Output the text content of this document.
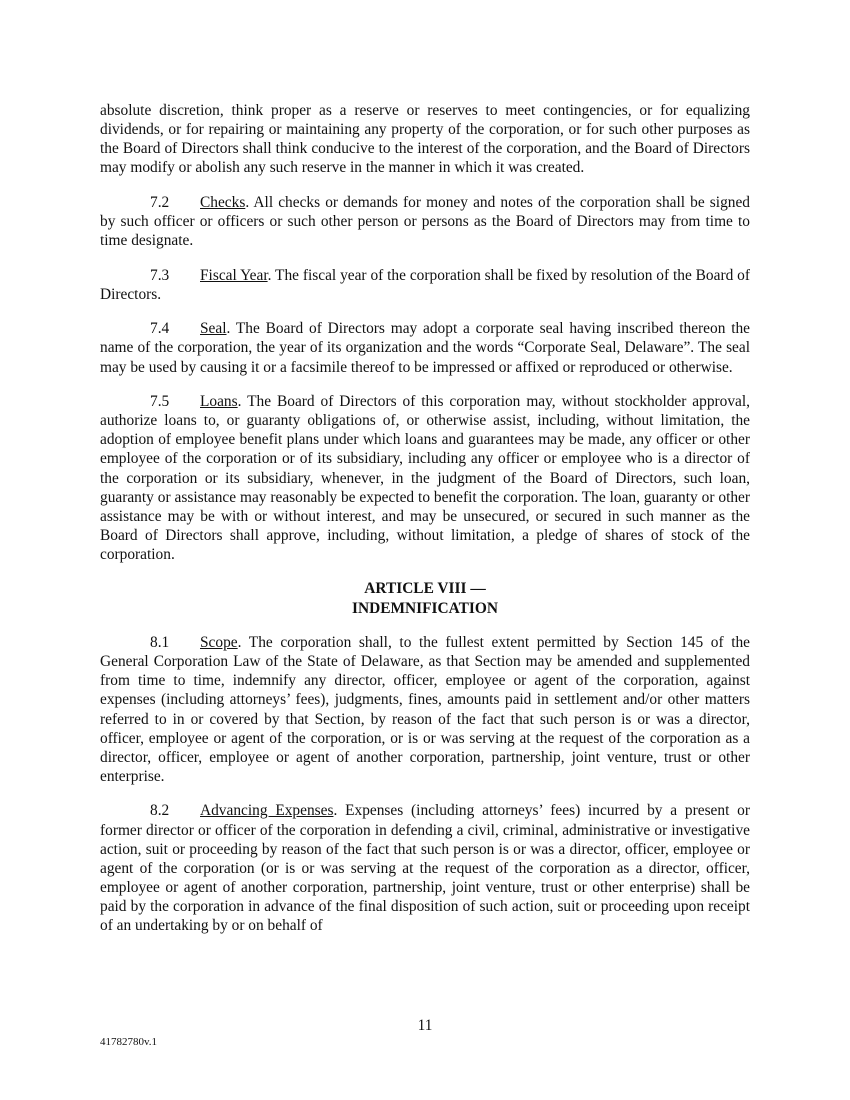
absolute discretion, think proper as a reserve or reserves to meet contingencies, or for equalizing dividends, or for repairing or maintaining any property of the corporation, or for such other purposes as the Board of Directors shall think conducive to the interest of the corporation, and the Board of Directors may modify or abolish any such reserve in the manner in which it was created.

7.2 Checks. All checks or demands for money and notes of the corporation shall be signed by such officer or officers or such other person or persons as the Board of Directors may from time to time designate.

7.3 Fiscal Year. The fiscal year of the corporation shall be fixed by resolution of the Board of Directors.

7.4 Seal. The Board of Directors may adopt a corporate seal having inscribed thereon the name of the corporation, the year of its organization and the words “Corporate Seal, Delaware”. The seal may be used by causing it or a facsimile thereof to be impressed or affixed or reproduced or otherwise.

7.5 Loans. The Board of Directors of this corporation may, without stockholder approval, authorize loans to, or guaranty obligations of, or otherwise assist, including, without limitation, the adoption of employee benefit plans under which loans and guarantees may be made, any officer or other employee of the corporation or of its subsidiary, including any officer or employee who is a director of the corporation or its subsidiary, whenever, in the judgment of the Board of Directors, such loan, guaranty or assistance may reasonably be expected to benefit the corporation. The loan, guaranty or other assistance may be with or without interest, and may be unsecured, or secured in such manner as the Board of Directors shall approve, including, without limitation, a pledge of shares of stock of the corporation.

ARTICLE VIII —
INDEMNIFICATION

8.1 Scope. The corporation shall, to the fullest extent permitted by Section 145 of the General Corporation Law of the State of Delaware, as that Section may be amended and supplemented from time to time, indemnify any director, officer, employee or agent of the corporation, against expenses (including attorneys’ fees), judgments, fines, amounts paid in settlement and/or other matters referred to in or covered by that Section, by reason of the fact that such person is or was a director, officer, employee or agent of the corporation, or is or was serving at the request of the corporation as a director, officer, employee or agent of another corporation, partnership, joint venture, trust or other enterprise.

8.2 Advancing Expenses. Expenses (including attorneys’ fees) incurred by a present or former director or officer of the corporation in defending a civil, criminal, administrative or investigative action, suit or proceeding by reason of the fact that such person is or was a director, officer, employee or agent of the corporation (or is or was serving at the request of the corporation as a director, officer, employee or agent of another corporation, partnership, joint venture, trust or other enterprise) shall be paid by the corporation in advance of the final disposition of such action, suit or proceeding upon receipt of an undertaking by or on behalf of

11
41782780v.1
